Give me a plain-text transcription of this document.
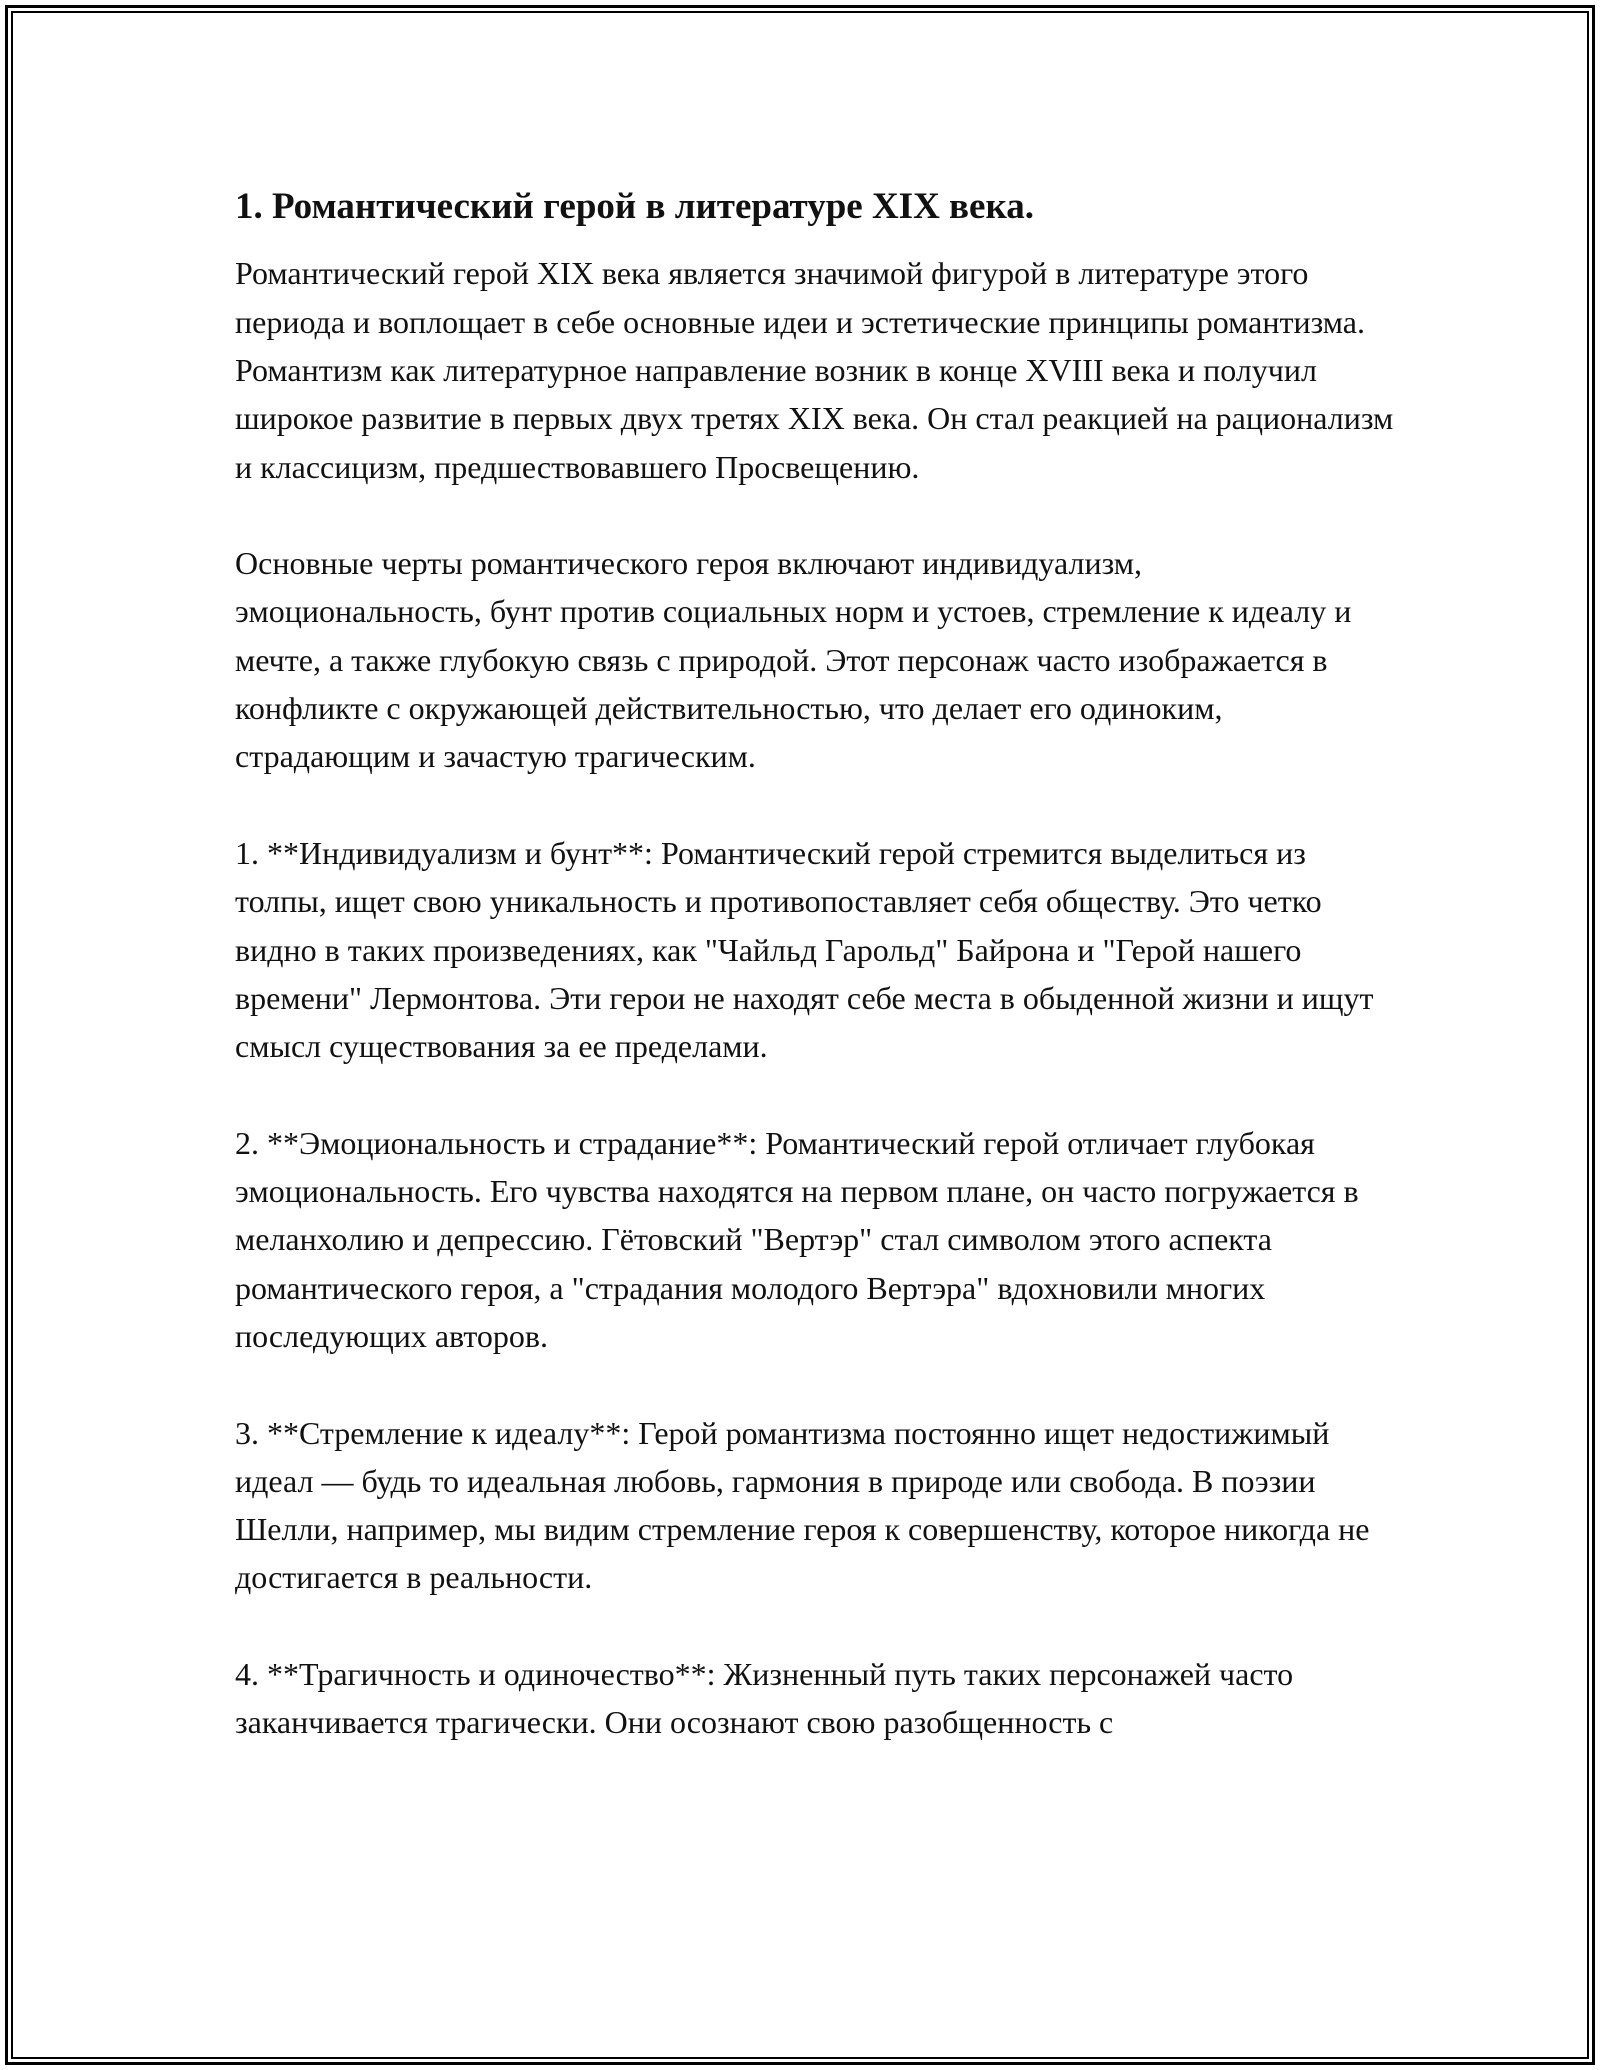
1. Романтический герой в литературе XIX века.

Романтический герой XIX века является значимой фигурой в литературе этого периода и воплощает в себе основные идеи и эстетические принципы романтизма. Романтизм как литературное направление возник в конце XVIII века и получил широкое развитие в первых двух третях XIX века. Он стал реакцией на рационализм и классицизм, предшествовавшего Просвещению.

Основные черты романтического героя включают индивидуализм, эмоциональность, бунт против социальных норм и устоев, стремление к идеалу и мечте, а также глубокую связь с природой. Этот персонаж часто изображается в конфликте с окружающей действительностью, что делает его одиноким, страдающим и зачастую трагическим.

1. **Индивидуализм и бунт**: Романтический герой стремится выделиться из толпы, ищет свою уникальность и противопоставляет себя обществу. Это четко видно в таких произведениях, как "Чайльд Гарольд" Байрона и "Герой нашего времени" Лермонтова. Эти герои не находят себе места в обыденной жизни и ищут смысл существования за ее пределами.

2. **Эмоциональность и страдание**: Романтический герой отличает глубокая эмоциональность. Его чувства находятся на первом плане, он часто погружается в меланхолию и депрессию. Гётовский "Вертэр" стал символом этого аспекта романтического героя, а "страдания молодого Вертэра" вдохновили многих последующих авторов.

3. **Стремление к идеалу**: Герой романтизма постоянно ищет недостижимый идеал — будь то идеальная любовь, гармония в природе или свобода. В поэзии Шелли, например, мы видим стремление героя к совершенству, которое никогда не достигается в реальности.

4. **Трагичность и одиночество**: Жизненный путь таких персонажей часто заканчивается трагически. Они осознают свою разобщенность с
